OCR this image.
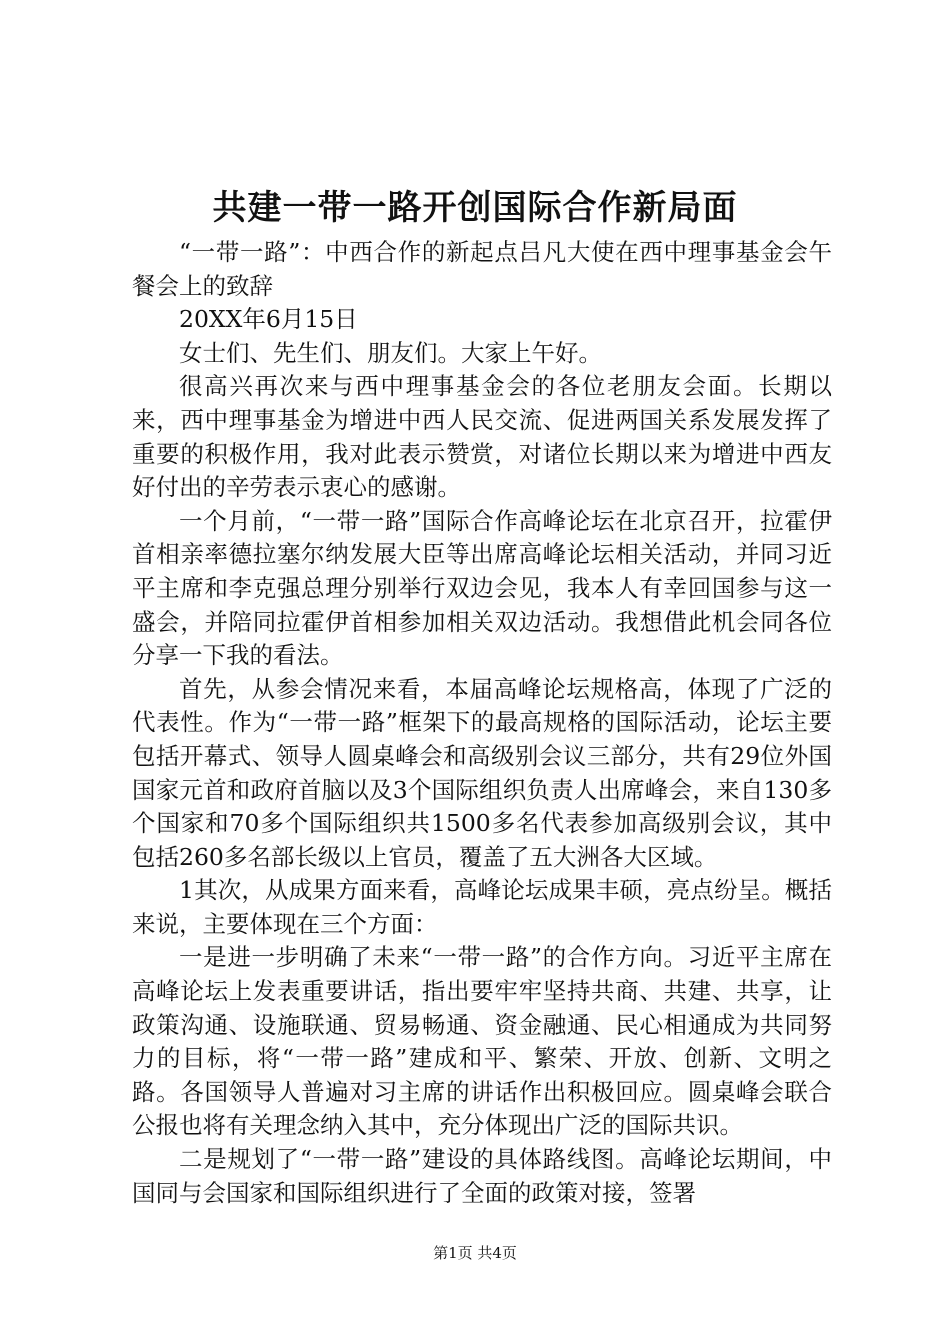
共建一带一路开创国际合作新局面

“一带一路”：中西合作的新起点吕凡大使在西中理事基金会午餐会上的致辞

20XX年6月15日

女士们、先生们、朋友们。大家上午好。

很高兴再次来与西中理事基金会的各位老朋友会面。长期以来，西中理事基金为增进中西人民交流、促进两国关系发展发挥了重要的积极作用，我对此表示赞赏，对诸位长期以来为增进中西友好付出的辛劳表示衷心的感谢。

一个月前，“一带一路”国际合作高峰论坛在北京召开，拉霍伊首相亲率德拉塞尔纳发展大臣等出席高峰论坛相关活动，并同习近平主席和李克强总理分别举行双边会见，我本人有幸回国参与这一盛会，并陪同拉霍伊首相参加相关双边活动。我想借此机会同各位分享一下我的看法。

首先，从参会情况来看，本届高峰论坛规格高，体现了广泛的代表性。作为“一带一路”框架下的最高规格的国际活动，论坛主要包括开幕式、领导人圆桌峰会和高级别会议三部分，共有29位外国国家元首和政府首脑以及3个国际组织负责人出席峰会，来自130多个国家和70多个国际组织共1500多名代表参加高级别会议，其中包括260多名部长级以上官员，覆盖了五大洲各大区域。

1其次，从成果方面来看，高峰论坛成果丰硕，亮点纷呈。概括来说，主要体现在三个方面：

一是进一步明确了未来“一带一路”的合作方向。习近平主席在高峰论坛上发表重要讲话，指出要牢牢坚持共商、共建、共享，让政策沟通、设施联通、贸易畅通、资金融通、民心相通成为共同努力的目标，将“一带一路”建成和平、繁荣、开放、创新、文明之路。各国领导人普遍对习主席的讲话作出积极回应。圆桌峰会联合公报也将有关理念纳入其中，充分体现出广泛的国际共识。

二是规划了“一带一路”建设的具体路线图。高峰论坛期间，中国同与会国家和国际组织进行了全面的政策对接，签署

第1页 共4页
